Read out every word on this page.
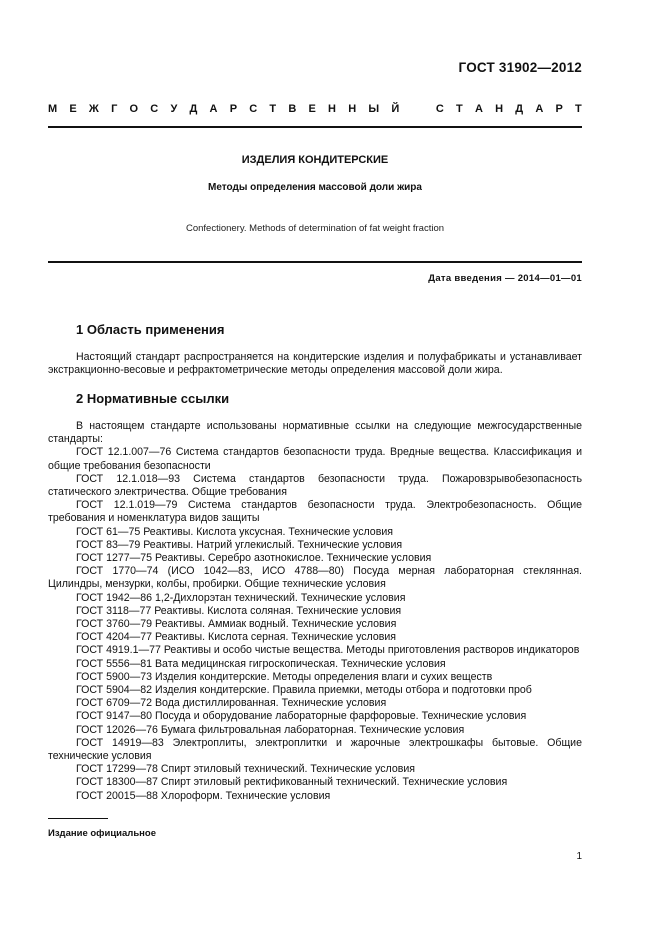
ГОСТ 31902—2012
М Е Ж Г О С У Д А Р С Т В Е Н Н Ы Й	С Т А Н Д А Р Т
ИЗДЕЛИЯ КОНДИТЕРСКИЕ
Методы определения массовой доли жира
Confectionery. Methods of determination of fat weight fraction
Дата введения — 2014—01—01
1 Область применения

Настоящий стандарт распространяется на кондитерские изделия и полуфабрикаты и устанавливает экстракционно-весовые и рефрактометрические методы определения массовой доли жира.

2 Нормативные ссылки

В настоящем стандарте использованы нормативные ссылки на следующие межгосударственные стандарты:

ГОСТ 12.1.007—76 Система стандартов безопасности труда. Вредные вещества. Классификация и общие требования безопасности

ГОСТ 12.1.018—93 Система стандартов безопасности труда. Пожаровзрывобезопасность статического электричества. Общие требования

ГОСТ 12.1.019—79 Система стандартов безопасности труда. Электробезопасность. Общие требования и номенклатура видов защиты

ГОСТ 61—75 Реактивы. Кислота уксусная. Технические условия

ГОСТ 83—79 Реактивы. Натрий углекислый. Технические условия

ГОСТ 1277—75 Реактивы. Серебро азотнокислое. Технические условия

ГОСТ 1770—74 (ИСО 1042—83, ИСО 4788—80) Посуда мерная лабораторная стеклянная. Цилиндры, мензурки, колбы, пробирки. Общие технические условия

ГОСТ 1942—86 1,2-Дихлорэтан технический. Технические условия

ГОСТ 3118—77 Реактивы. Кислота соляная. Технические условия

ГОСТ 3760—79 Реактивы. Аммиак водный. Технические условия

ГОСТ 4204—77 Реактивы. Кислота серная. Технические условия

ГОСТ 4919.1—77 Реактивы и особо чистые вещества. Методы приготовления растворов индикаторов

ГОСТ 5556—81 Вата медицинская гигроскопическая. Технические условия

ГОСТ 5900—73 Изделия кондитерские. Методы определения влаги и сухих веществ

ГОСТ 5904—82 Изделия кондитерские. Правила приемки, методы отбора и подготовки проб

ГОСТ 6709—72 Вода дистиллированная. Технические условия

ГОСТ 9147—80 Посуда и оборудование лабораторные фарфоровые. Технические условия

ГОСТ 12026—76 Бумага фильтровальная лабораторная. Технические условия

ГОСТ 14919—83 Электроплиты, электроплитки и жарочные электрошкафы бытовые. Общие технические условия

ГОСТ 17299—78 Спирт этиловый технический. Технические условия

ГОСТ 18300—87 Спирт этиловый ректификованный технический. Технические условия

ГОСТ 20015—88 Хлороформ. Технические условия

Издание официальное
1
